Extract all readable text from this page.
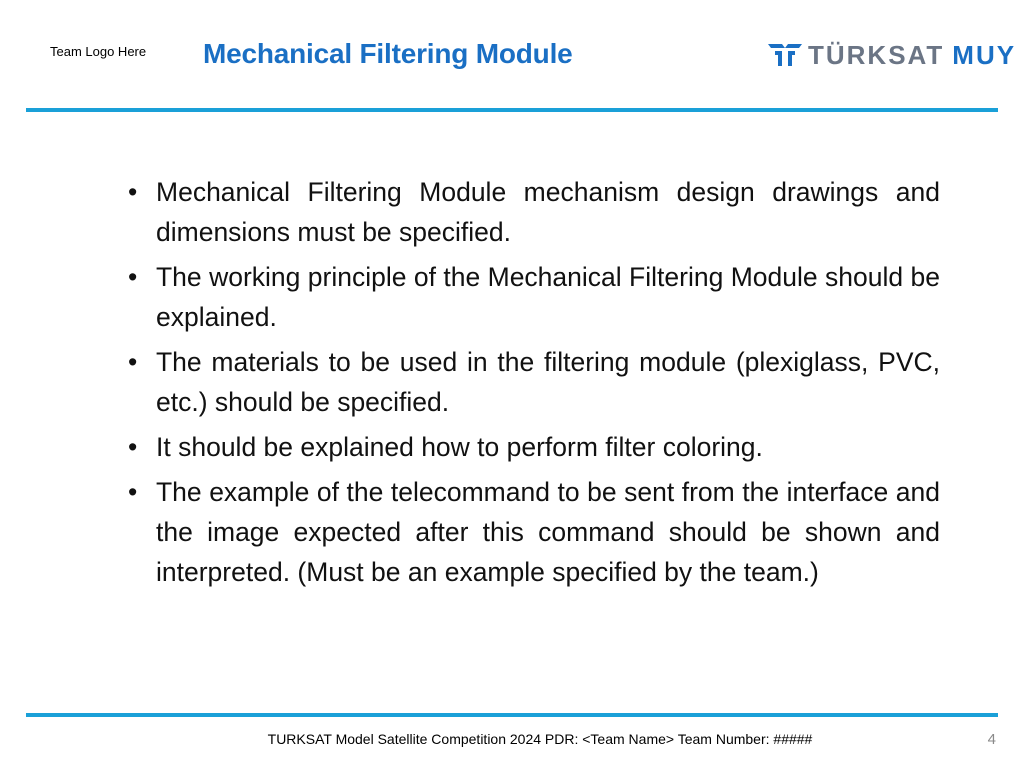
Team Logo Here Mechanical Filtering Module	TÜRKSAT MUY
• Mechanical Filtering Module mechanism design drawings and dimensions must be specified.
• The working principle of the Mechanical Filtering Module should be explained.
• The materials to be used in the filtering module (plexiglass, PVC, etc.) should be specified.
• It should be explained how to perform filter coloring.
• The example of the telecommand to be sent from the interface and the image expected after this command should be shown and interpreted. (Must be an example specified by the team.)
TURKSAT Model Satellite Competition 2024 PDR: <Team Name> Team Number: #####	4
